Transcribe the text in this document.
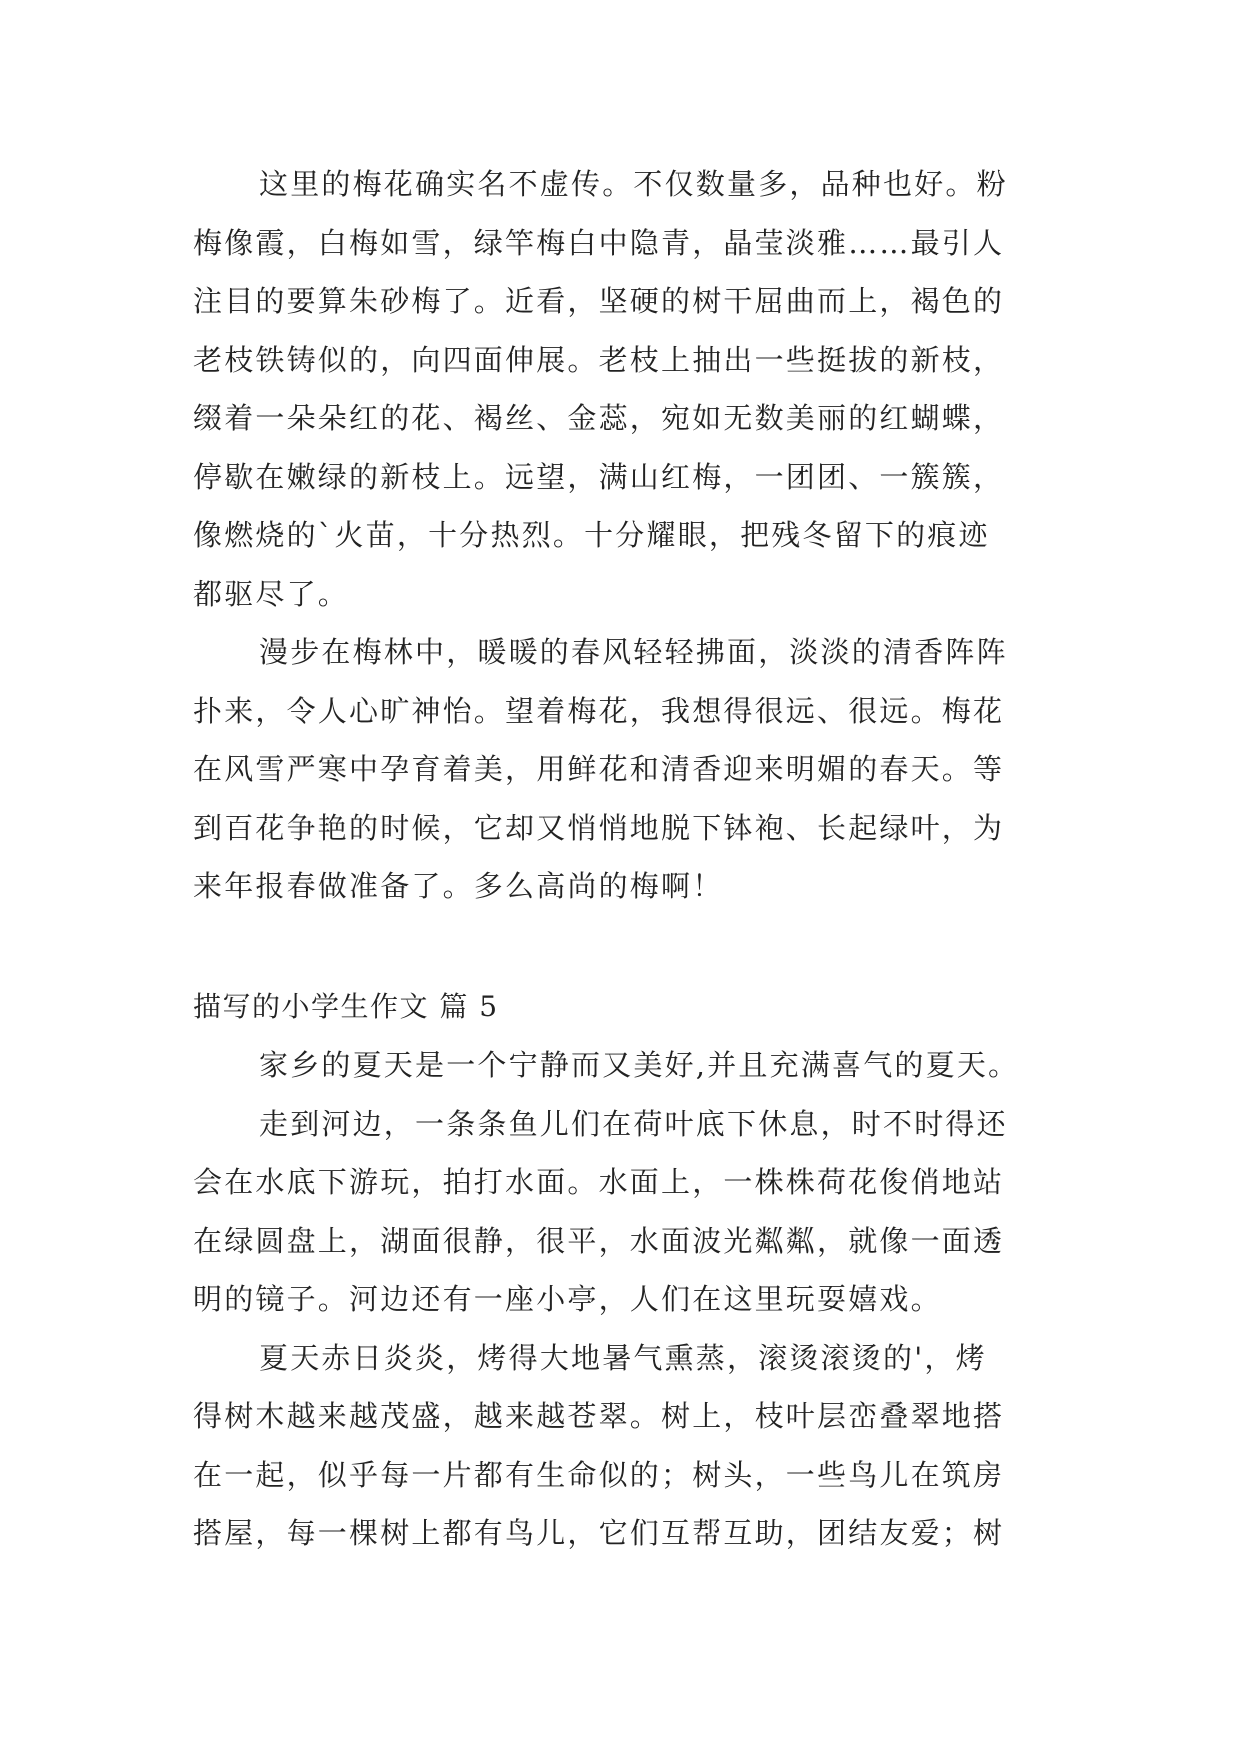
这里的梅花确实名不虚传。不仅数量多，品种也好。粉
梅像霞，白梅如雪，绿竿梅白中隐青，晶莹淡雅……最引人
注目的要算朱砂梅了。近看，坚硬的树干屈曲而上，褐色的
老枝铁铸似的，向四面伸展。老枝上抽出一些挺拔的新枝，
缀着一朵朵红的花、褐丝、金蕊，宛如无数美丽的红蝴蝶，
停歇在嫩绿的新枝上。远望，满山红梅，一团团、一簇簇，
像燃烧的`火苗，十分热烈。十分耀眼，把残冬留下的痕迹
都驱尽了。
漫步在梅林中，暖暖的春风轻轻拂面，淡淡的清香阵阵
扑来，令人心旷神怡。望着梅花，我想得很远、很远。梅花
在风雪严寒中孕育着美，用鲜花和清香迎来明媚的春天。等
到百花争艳的时候，它却又悄悄地脱下钵袍、长起绿叶，为
来年报春做准备了。多么高尚的梅啊！
描写的小学生作文 篇 5
家乡的夏天是一个宁静而又美好,并且充满喜气的夏天。
走到河边，一条条鱼儿们在荷叶底下休息，时不时得还
会在水底下游玩，拍打水面。水面上，一株株荷花俊俏地站
在绿圆盘上，湖面很静，很平，水面波光粼粼，就像一面透
明的镜子。河边还有一座小亭，人们在这里玩耍嬉戏。
夏天赤日炎炎，烤得大地暑气熏蒸，滚烫滚烫的'，烤
得树木越来越茂盛，越来越苍翠。树上，枝叶层峦叠翠地搭
在一起，似乎每一片都有生命似的；树头，一些鸟儿在筑房
搭屋，每一棵树上都有鸟儿，它们互帮互助，团结友爱；树
